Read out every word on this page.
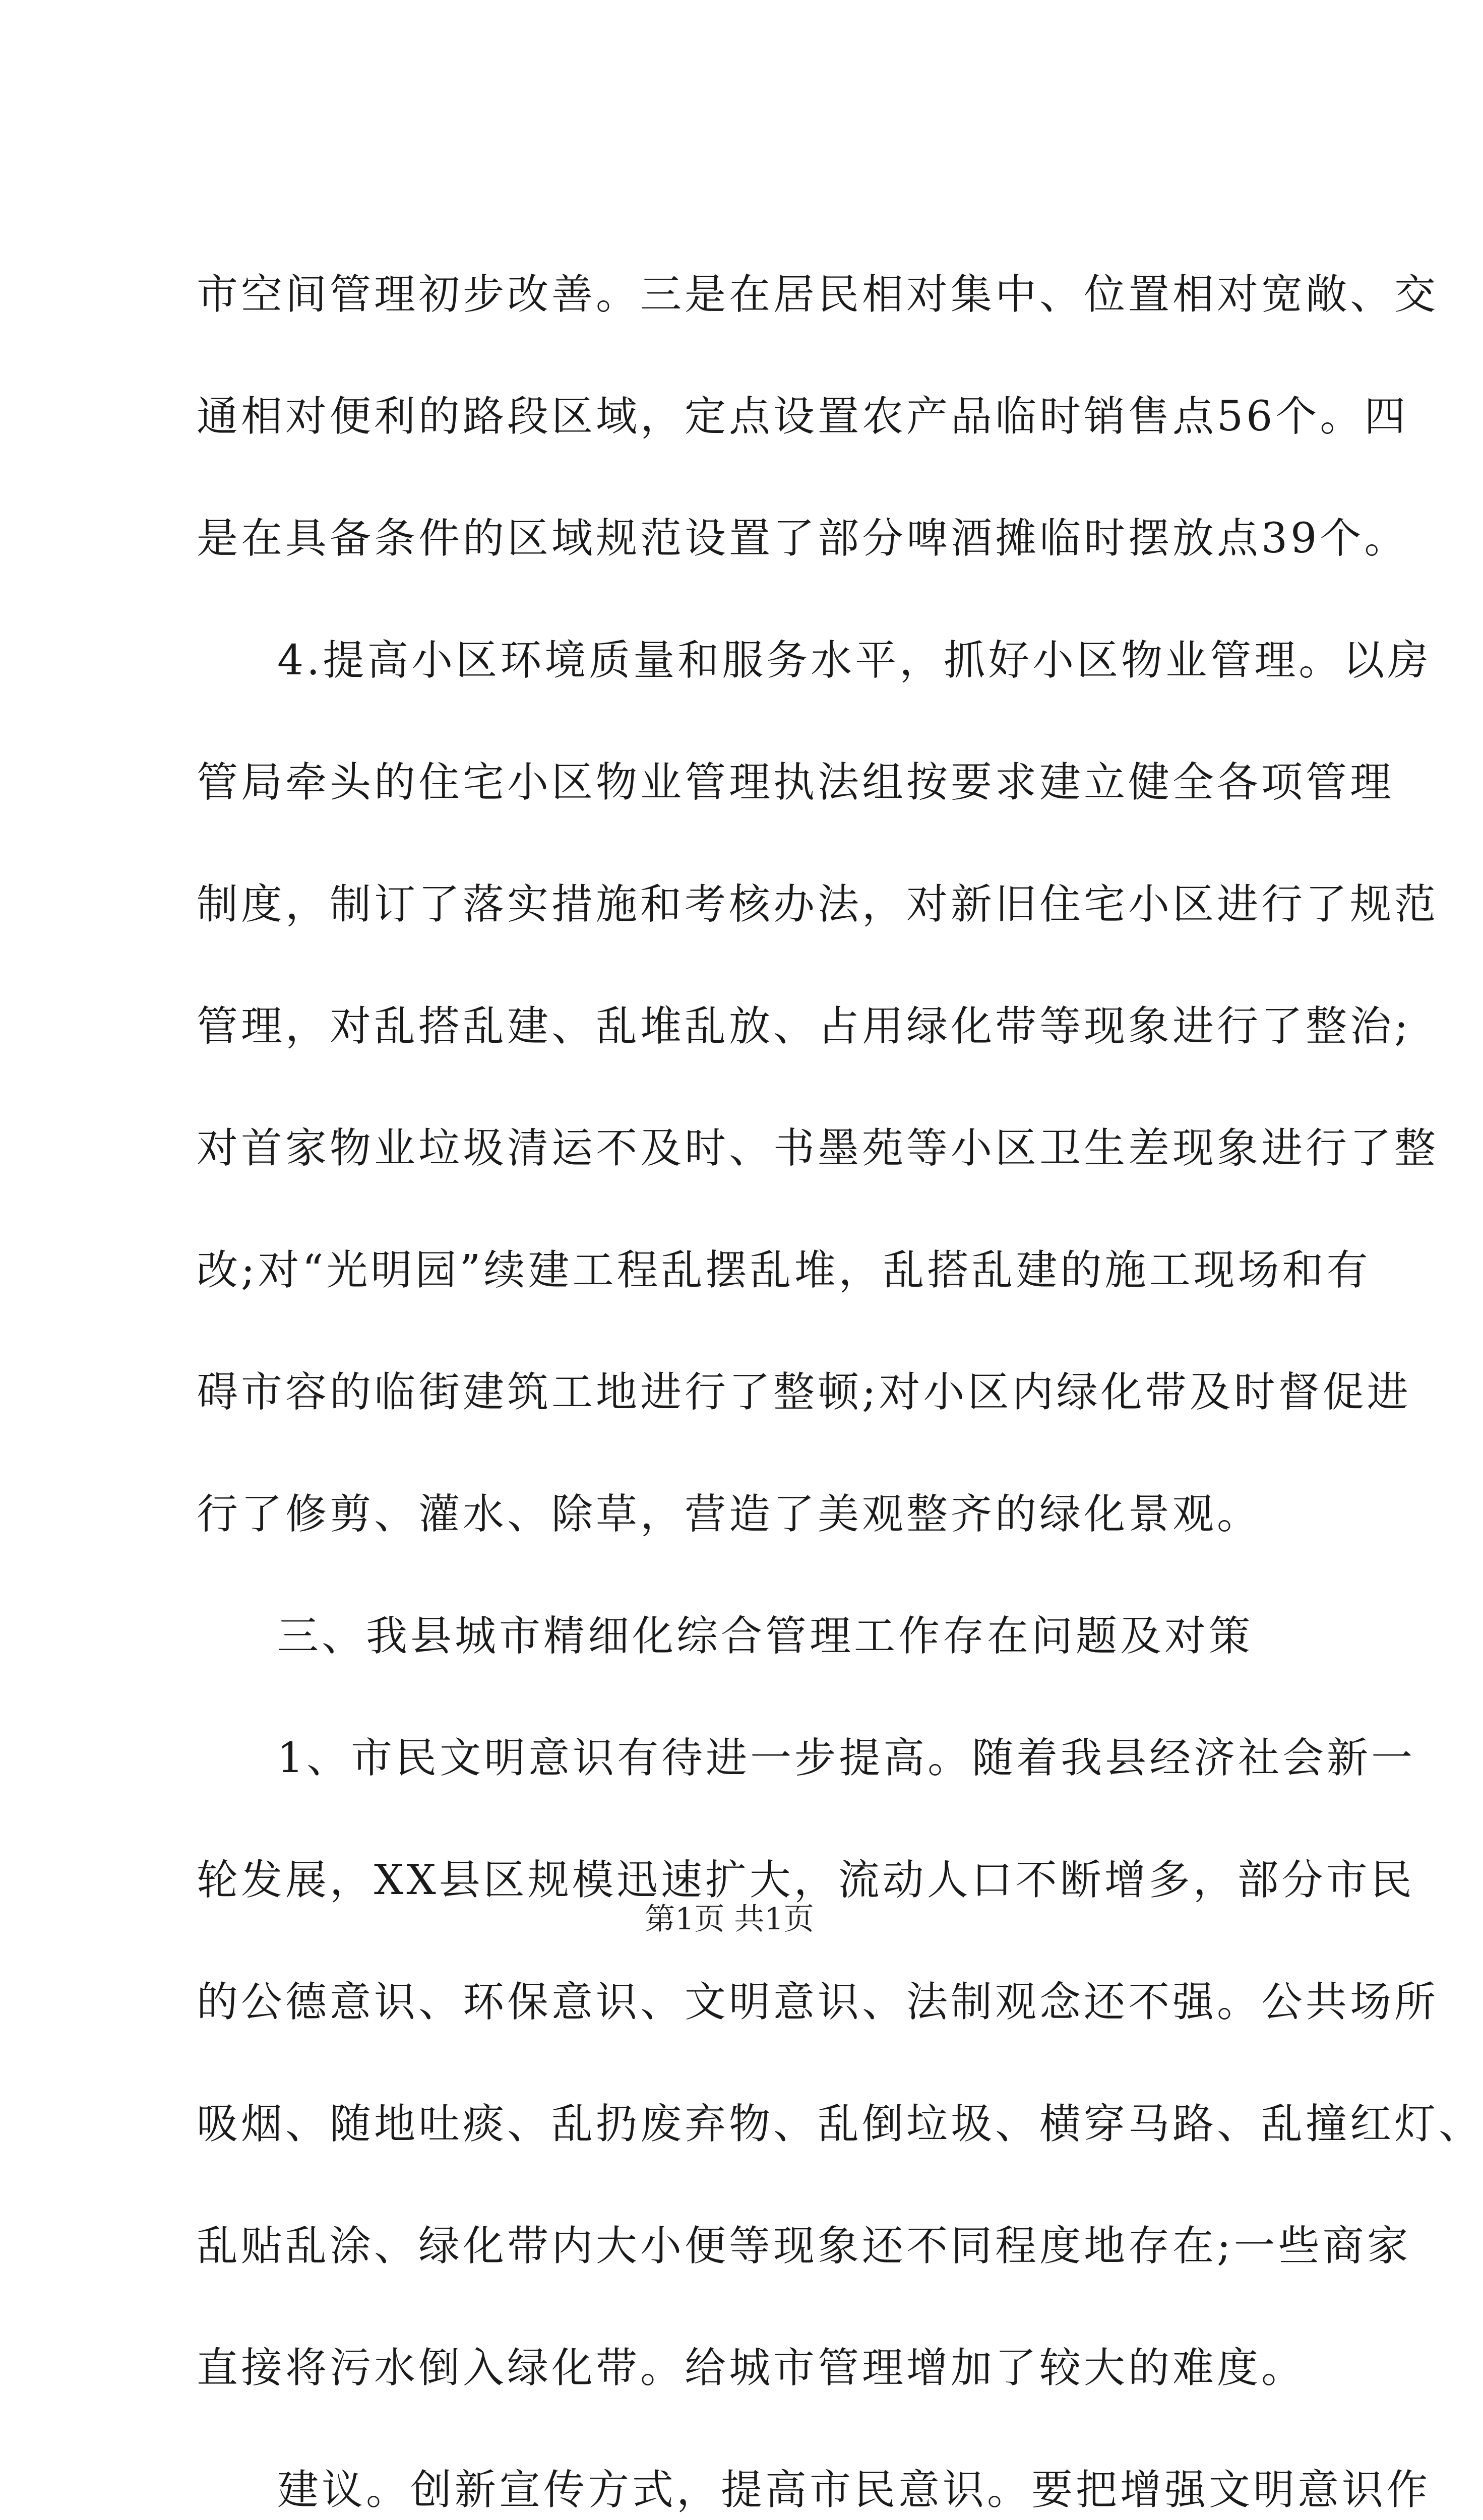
市空间管理初步改善。三是在居民相对集中、位置相对宽敞、交
通相对便利的路段区域，定点设置农产品临时销售点56个。四
是在具备条件的区域规范设置了部分啤酒摊临时摆放点39个。
4.提高小区环境质量和服务水平，抓好小区物业管理。以房
管局牵头的住宅小区物业管理执法组按要求建立健全各项管理
制度，制订了落实措施和考核办法，对新旧住宅小区进行了规范
管理，对乱搭乱建、乱堆乱放、占用绿化带等现象进行了整治;
对首家物业垃圾清运不及时、书墨苑等小区卫生差现象进行了整
改;对“光明园”续建工程乱摆乱堆，乱搭乱建的施工现场和有
碍市容的临街建筑工地进行了整顿;对小区内绿化带及时督促进
行了修剪、灌水、除草，营造了美观整齐的绿化景观。
三、我县城市精细化综合管理工作存在问题及对策
1、市民文明意识有待进一步提高。随着我县经济社会新一
轮发展，XX县区规模迅速扩大，流动人口不断增多，部分市民
的公德意识、环保意识、文明意识、法制观念还不强。公共场所
吸烟、随地吐痰、乱扔废弃物、乱倒垃圾、横穿马路、乱撞红灯、
乱贴乱涂、绿化带内大小便等现象还不同程度地存在;一些商家
直接将污水倒入绿化带。给城市管理增加了较大的难度。
建议。创新宣传方式，提高市民意识。要把增强文明意识作
第1页 共1页
